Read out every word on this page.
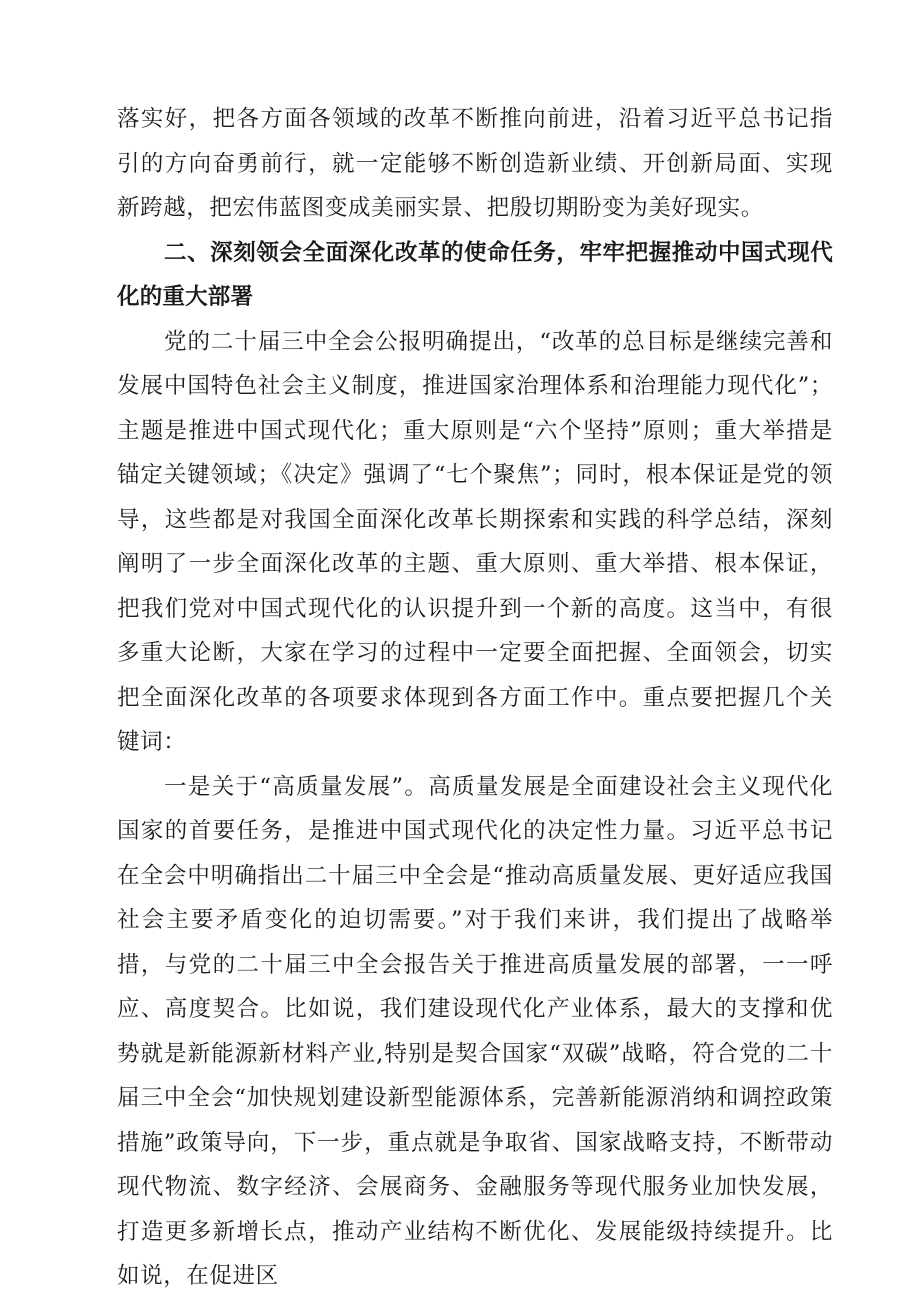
落实好，把各方面各领域的改革不断推向前进，沿着习近平总书记指引的方向奋勇前行，就一定能够不断创造新业绩、开创新局面、实现新跨越，把宏伟蓝图变成美丽实景、把殷切期盼变为美好现实。

二、深刻领会全面深化改革的使命任务，牢牢把握推动中国式现代化的重大部署

党的二十届三中全会公报明确提出，“改革的总目标是继续完善和发展中国特色社会主义制度，推进国家治理体系和治理能力现代化”；主题是推进中国式现代化；重大原则是“六个坚持”原则；重大举措是锚定关键领域；《决定》强调了“七个聚焦”；同时，根本保证是党的领导，这些都是对我国全面深化改革长期探索和实践的科学总结，深刻阐明了一步全面深化改革的主题、重大原则、重大举措、根本保证，把我们党对中国式现代化的认识提升到一个新的高度。这当中，有很多重大论断，大家在学习的过程中一定要全面把握、全面领会，切实把全面深化改革的各项要求体现到各方面工作中。重点要把握几个关键词：

一是关于“高质量发展”。高质量发展是全面建设社会主义现代化国家的首要任务，是推进中国式现代化的决定性力量。习近平总书记在全会中明确指出二十届三中全会是“推动高质量发展、更好适应我国社会主要矛盾变化的迫切需要。”对于我们来讲，我们提出了战略举措，与党的二十届三中全会报告关于推进高质量发展的部署，一一呼应、高度契合。比如说，我们建设现代化产业体系，最大的支撑和优势就是新能源新材料产业,特别是契合国家“双碳”战略，符合党的二十届三中全会“加快规划建设新型能源体系，完善新能源消纳和调控政策措施”政策导向，下一步，重点就是争取省、国家战略支持，不断带动现代物流、数字经济、会展商务、金融服务等现代服务业加快发展，打造更多新增长点，推动产业结构不断优化、发展能级持续提升。比如说，在促进区
